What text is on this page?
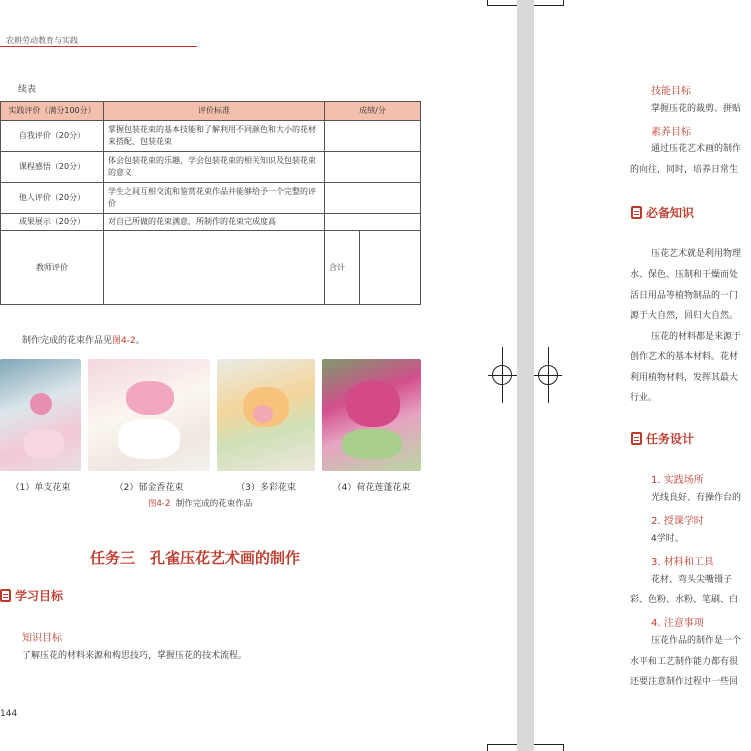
农耕劳动教育与实践
续表
实践评价（满分100分）	评价标准	成绩/分	
自我评价（20分）	掌握包装花束的基本技能和了解利用不同颜色和大小的花材来搭配、包装花束		
课程感悟（20分）	体会包装花束的乐趣，学会包装花束的相关知识及包装花束的意义		
他人评价（20分）	学生之间互相交流和鉴赏花束作品并能够给予一个完整的评价		
成果展示（20分）	对自己所做的花束满意，所制作的花束完成度高		
教师评价		合计	
制作完成的花束作品见图4-2。
（1）单支花束	（2）郁金香花束	（3）多彩花束	（4）荷花莲蓬花束
图4-2 制作完成的花束作品
任务三　孔雀压花艺术画的制作
学习目标
知识目标
了解压花的材料来源和构思技巧，掌握压花的技术流程。
144
技能目标
掌握压花的裁剪、拼贴
素养目标
通过压花艺术画的制作
的向往，同时，培养日常生
必备知识
压花艺术就是利用物理
水、保色、压制和干燥而处
活日用品等植物制品的一门
源于大自然，回归大自然。
压花的材料都是来源于
创作艺术的基本材料。花材
利用植物材料，发挥其最大
行业。
任务设计
1. 实践场所
光线良好、有操作台的
2. 授课学时
4学时。
3. 材料和工具
花材、弯头尖嘴镊子
彩、色粉、水粉、笔刷、白
4. 注意事项
压花作品的制作是一个
水平和工艺制作能力都有很
还要注意制作过程中一些回
